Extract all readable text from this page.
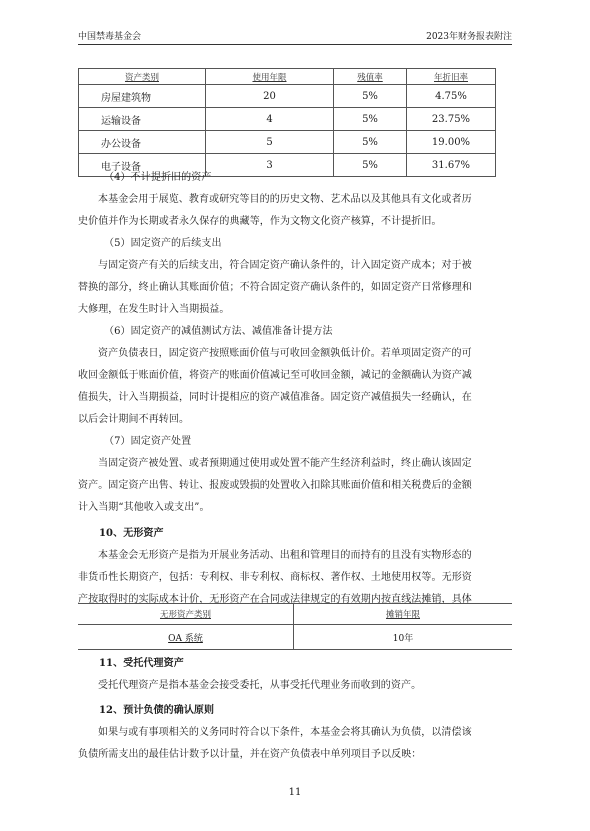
中国禁毒基金会	2023年财务报表附注
资产类别	使用年限	残值率	年折旧率
房屋建筑物	20	5%	4.75%
运输设备	4	5%	23.75%
办公设备	5	5%	19.00%
电子设备	3	5%	31.67%

（4）不计提折旧的资产

本基金会用于展览、教育或研究等目的的历史文物、艺术品以及其他具有文化或者历

史价值并作为长期或者永久保存的典藏等，作为文物文化资产核算，不计提折旧。

（5）固定资产的后续支出

与固定资产有关的后续支出，符合固定资产确认条件的，计入固定资产成本；对于被

替换的部分，终止确认其账面价值；不符合固定资产确认条件的，如固定资产日常修理和

大修理，在发生时计入当期损益。

（6）固定资产的减值测试方法、减值准备计提方法

资产负债表日，固定资产按照账面价值与可收回金额孰低计价。若单项固定资产的可

收回金额低于账面价值，将资产的账面价值减记至可收回金额，减记的金额确认为资产减

值损失，计入当期损益，同时计提相应的资产减值准备。固定资产减值损失一经确认，在

以后会计期间不再转回。

（7）固定资产处置

当固定资产被处置、或者预期通过使用或处置不能产生经济利益时，终止确认该固定

资产。固定资产出售、转让、报废或毁损的处置收入扣除其账面价值和相关税费后的金额

计入当期“其他收入或支出”。

10、无形资产

本基金会无形资产是指为开展业务活动、出租和管理目的而持有的且没有实物形态的

非货币性长期资产，包括：专利权、非专利权、商标权、著作权、土地使用权等。无形资

产按取得时的实际成本计价，无形资产在合同或法律规定的有效期内按直线法摊销，具体

无形资产类别	摊销年限
OA 系统	10年

11、受托代理资产

受托代理资产是指本基金会接受委托，从事受托代理业务而收到的资产。

12、预计负债的确认原则

如果与或有事项相关的义务同时符合以下条件，本基金会将其确认为负债，以清偿该

负债所需支出的最佳估计数予以计量，并在资产负债表中单列项目予以反映：

11
